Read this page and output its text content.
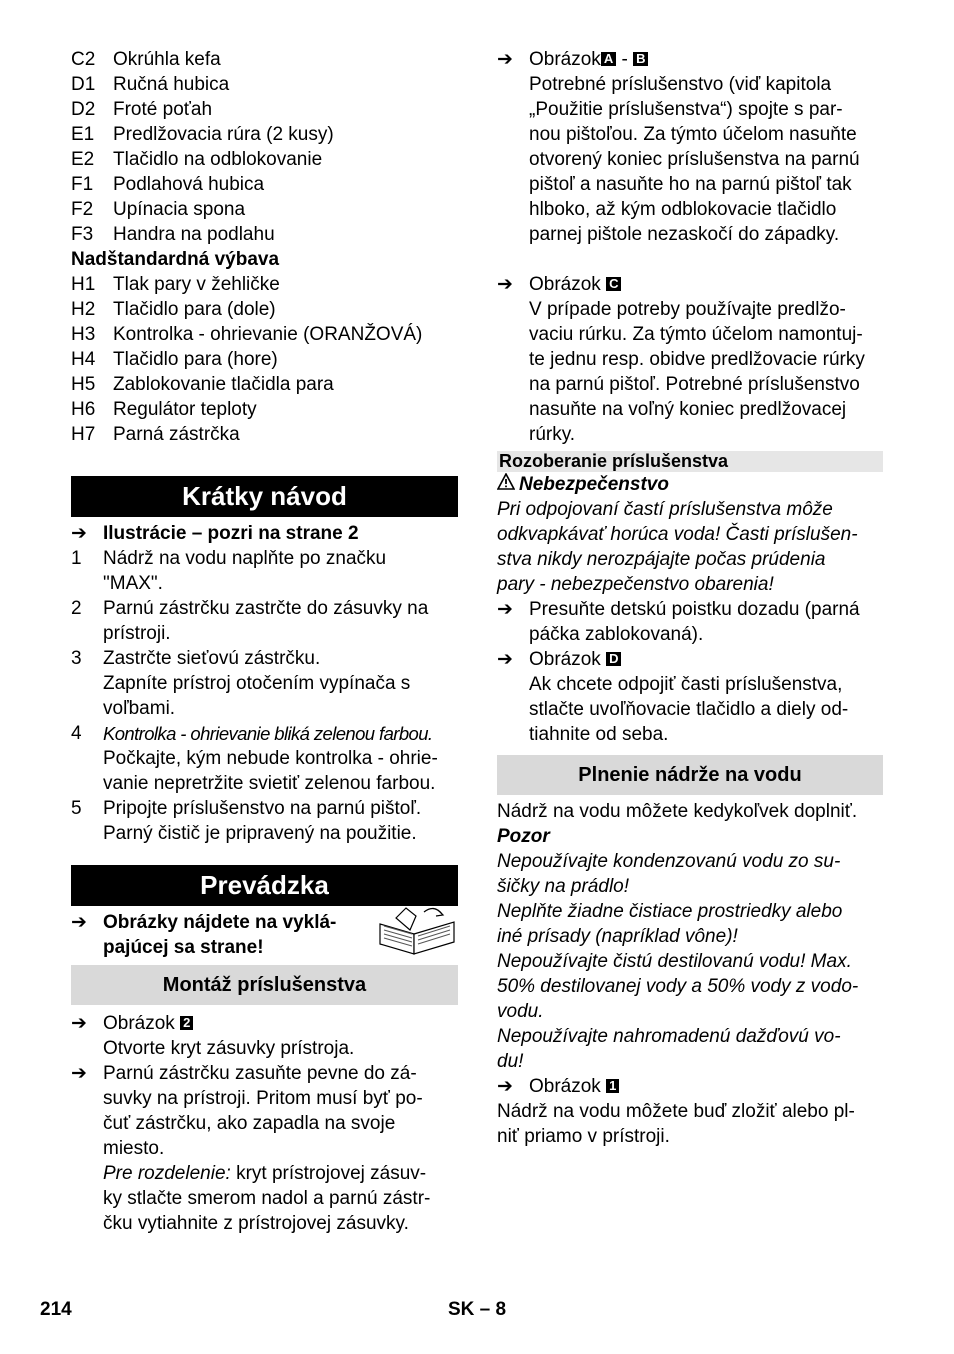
C2 Okrúhla kefa
D1 Ručná hubica
D2 Froté poťah
E1 Predlžovacia rúra (2 kusy)
E2 Tlačidlo na odblokovanie
F1	Podlahová hubica
F2	Upínacia spona
F3	Handra na podlahu
Nadštandardná výbava
H1 Tlak pary v žehličke
H2 Tlačidlo para (dole)
H3 Kontrolka - ohrievanie (ORANŽOVÁ)
H4 Tlačidlo para (hore)
H5 Zablokovanie tlačidla para
H6 Regulátor teploty
H7 Parná zástrčka
Krátky návod
➔ Ilustrácie – pozri na strane 2
1	Nádrž na vodu naplňte po značku
"MAX".
2	Parnú zástrčku zastrčte do zásuvky na
prístroji.
3	Zastrčte sieťovú zástrčku.
Zapníte prístroj otočením vypínača s
voľbami.
4	Kontrolka - ohrievanie bliká zelenou farbou.
Počkajte, kým nebude kontrolka - ohrie-
vanie nepretržite svietiť zelenou farbou.
5	Pripojte príslušenstvo na parnú pištoľ.
Parný čistič je pripravený na použitie.
Prevádzka
➔ Obrázky nájdete na vyklá-
pajúcej sa strane!
Montáž príslušenstva
➔ Obrázok 2
Otvorte kryt zásuvky prístroja.
➔ Parnú zástrčku zasuňte pevne do zá-
suvky na prístroji. Pritom musí byť po-
čuť zástrčku, ako zapadla na svoje
miesto.
Pre rozdelenie: kryt prístrojovej zásuv-
ky stlačte smerom nadol a parnú zástr-
čku vytiahnite z prístrojovej zásuvky.
➔ Obrázok A - B
Potrebné príslušenstvo (viď kapitola
„Použitie príslušenstva“) spojte s par-
nou pištoľou. Za týmto účelom nasuňte
otvorený koniec príslušenstva na parnú
pištoľ a nasuňte ho na parnú pištoľ tak
hlboko, až kým odblokovacie tlačidlo
parnej pištole nezaskočí do západky.
➔ Obrázok C
V prípade potreby používajte predlžo-
vaciu rúrku. Za týmto účelom namontuj-
te jednu resp. obidve predlžovacie rúrky
na parnú pištoľ. Potrebné príslušenstvo
nasuňte na voľný koniec predlžovacej
rúrky.
Rozoberanie príslušenstva
Nebezpečenstvo
Pri odpojovaní častí príslušenstva môže
odkvapkávať horúca voda! Časti príslušen-
stva nikdy nerozpájajte počas prúdenia
pary - nebezpečenstvo obarenia!
➔ Presuňte detskú poistku dozadu (parná
páčka zablokovaná).
➔ Obrázok D
Ak chcete odpojiť časti príslušenstva,
stlačte uvoľňovacie tlačidlo a diely od-
tiahnite od seba.
Plnenie nádrže na vodu
Nádrž na vodu môžete kedykoľvek doplniť.
Pozor
Nepoužívajte kondenzovanú vodu zo su-
šičky na prádlo!
Neplňte žiadne čistiace prostriedky alebo
iné prísady (napríklad vône)!
Nepoužívajte čistú destilovanú vodu! Max.
50% destilovanej vody a 50% vody z vodo-
vodu.
Nepoužívajte nahromadenú dažďovú vo-
du!
➔ Obrázok 1
Nádrž na vodu môžete buď zložiť alebo pl-
niť priamo v prístroji.
214	SK – 8
